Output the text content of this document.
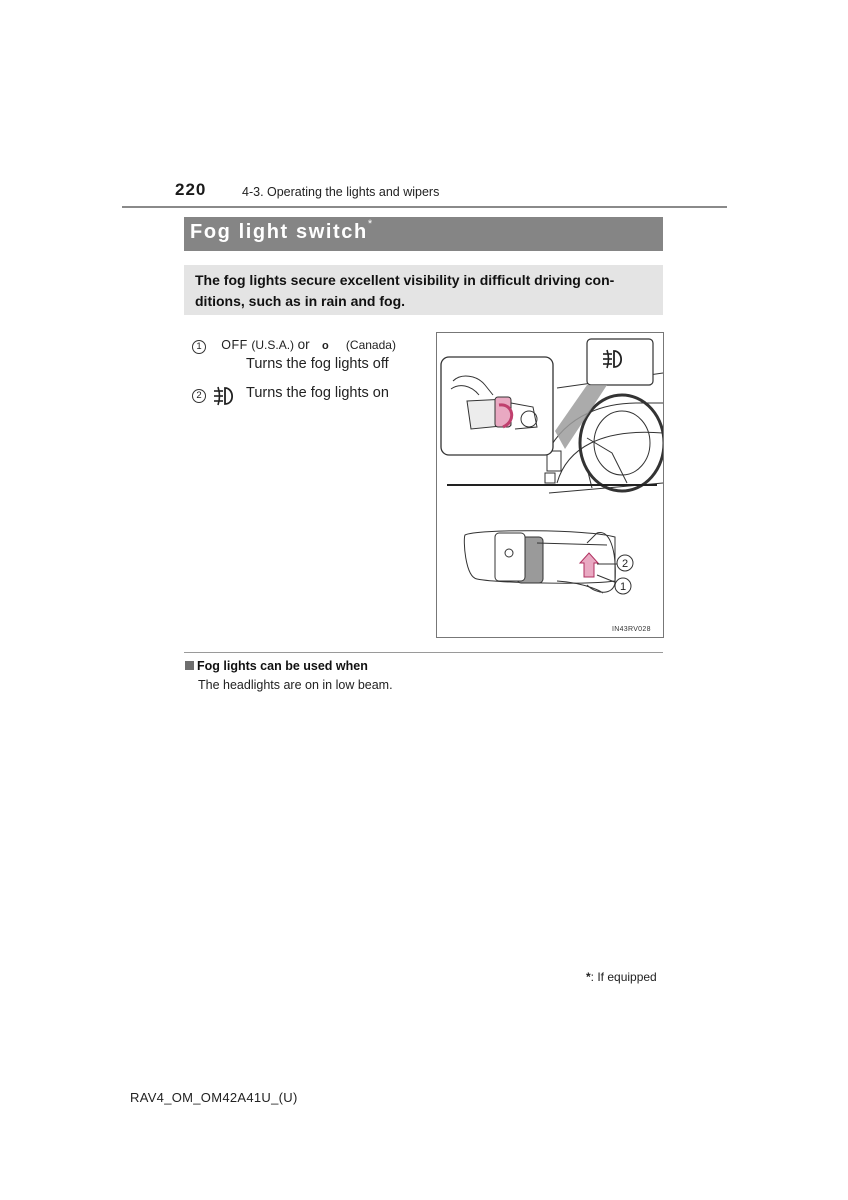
220	4-3. Operating the lights and wipers
Fog light switch*
The fog lights secure excellent visibility in difficult driving con-
ditions, such as in rain and fog.
1 OFF (U.S.A.) or o (Canada)
Turns the fog lights off
2	Turns the fog lights on
2
1
IN43RV028
Fog lights can be used when
The headlights are on in low beam.
*: If equipped
RAV4_OM_OM42A41U_(U)
